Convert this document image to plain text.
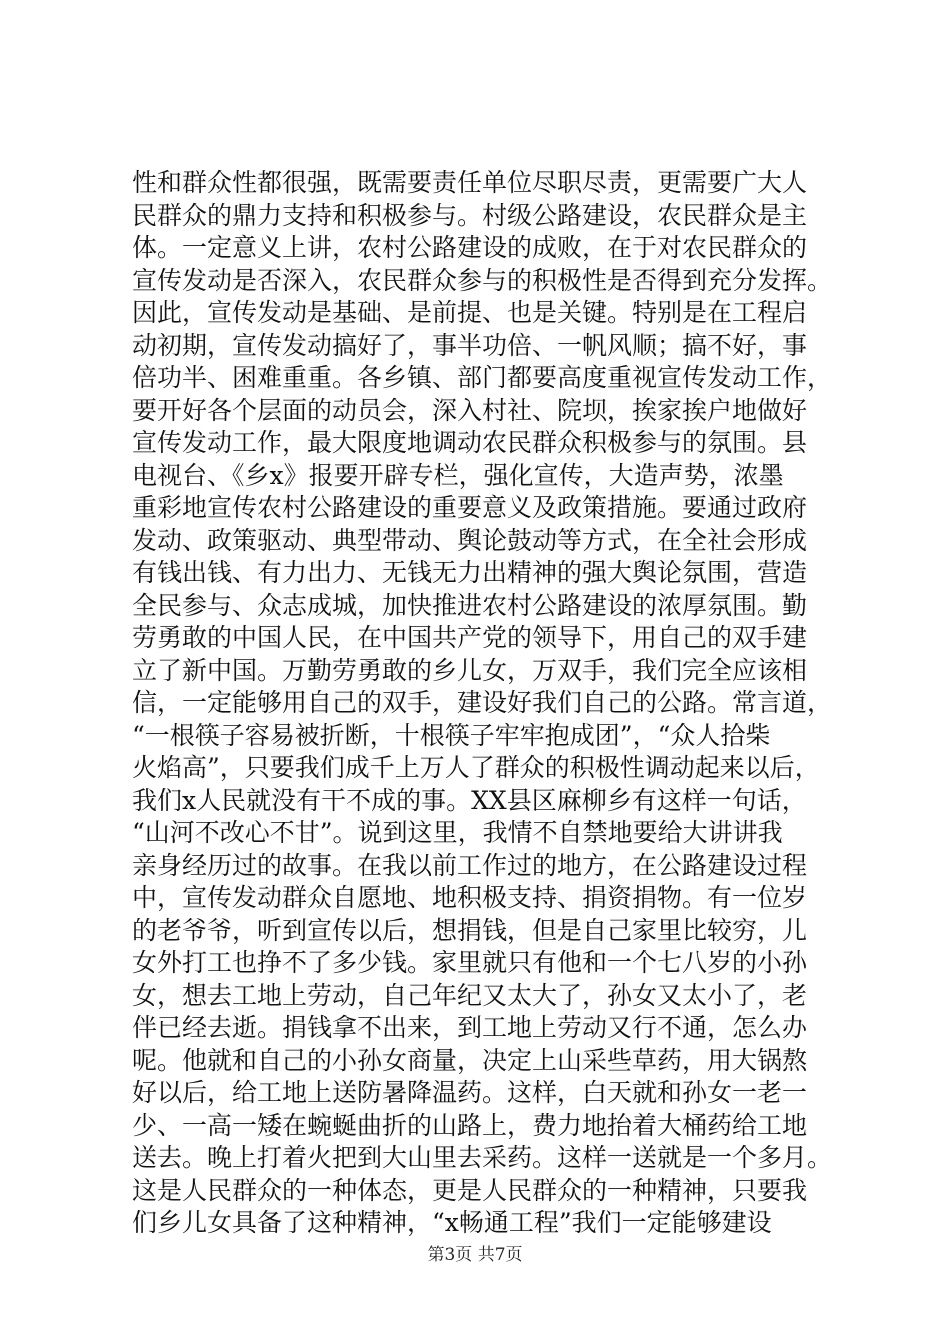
性和群众性都很强，既需要责任单位尽职尽责，更需要广大人
民群众的鼎力支持和积极参与。村级公路建设，农民群众是主
体。一定意义上讲，农村公路建设的成败，在于对农民群众的
宣传发动是否深入，农民群众参与的积极性是否得到充分发挥。
因此，宣传发动是基础、是前提、也是关键。特别是在工程启
动初期，宣传发动搞好了，事半功倍、一帆风顺；搞不好，事
倍功半、困难重重。各乡镇、部门都要高度重视宣传发动工作，
要开好各个层面的动员会，深入村社、院坝，挨家挨户地做好
宣传发动工作，最大限度地调动农民群众积极参与的氛围。县
电视台、《乡x》报要开辟专栏，强化宣传，大造声势，浓墨
重彩地宣传农村公路建设的重要意义及政策措施。要通过政府
发动、政策驱动、典型带动、舆论鼓动等方式，在全社会形成
有钱出钱、有力出力、无钱无力出精神的强大舆论氛围，营造
全民参与、众志成城，加快推进农村公路建设的浓厚氛围。勤
劳勇敢的中国人民，在中国共产党的领导下，用自己的双手建
立了新中国。万勤劳勇敢的乡儿女，万双手，我们完全应该相
信，一定能够用自己的双手，建设好我们自己的公路。常言道，
“一根筷子容易被折断，十根筷子牢牢抱成团”，“众人拾柴
火焰高”，只要我们成千上万人了群众的积极性调动起来以后，
我们x人民就没有干不成的事。XX县区麻柳乡有这样一句话，
“山河不改心不甘”。说到这里，我情不自禁地要给大讲讲我
亲身经历过的故事。在我以前工作过的地方，在公路建设过程
中，宣传发动群众自愿地、地积极支持、捐资捐物。有一位岁
的老爷爷，听到宣传以后，想捐钱，但是自己家里比较穷，儿
女外打工也挣不了多少钱。家里就只有他和一个七八岁的小孙
女，想去工地上劳动，自己年纪又太大了，孙女又太小了，老
伴已经去逝。捐钱拿不出来，到工地上劳动又行不通，怎么办
呢。他就和自己的小孙女商量，决定上山采些草药，用大锅熬
好以后，给工地上送防暑降温药。这样，白天就和孙女一老一
少、一高一矮在蜿蜒曲折的山路上，费力地抬着大桶药给工地
送去。晚上打着火把到大山里去采药。这样一送就是一个多月。
这是人民群众的一种体态，更是人民群众的一种精神，只要我
们乡儿女具备了这种精神，“x畅通工程”我们一定能够建设
第3页 共7页
